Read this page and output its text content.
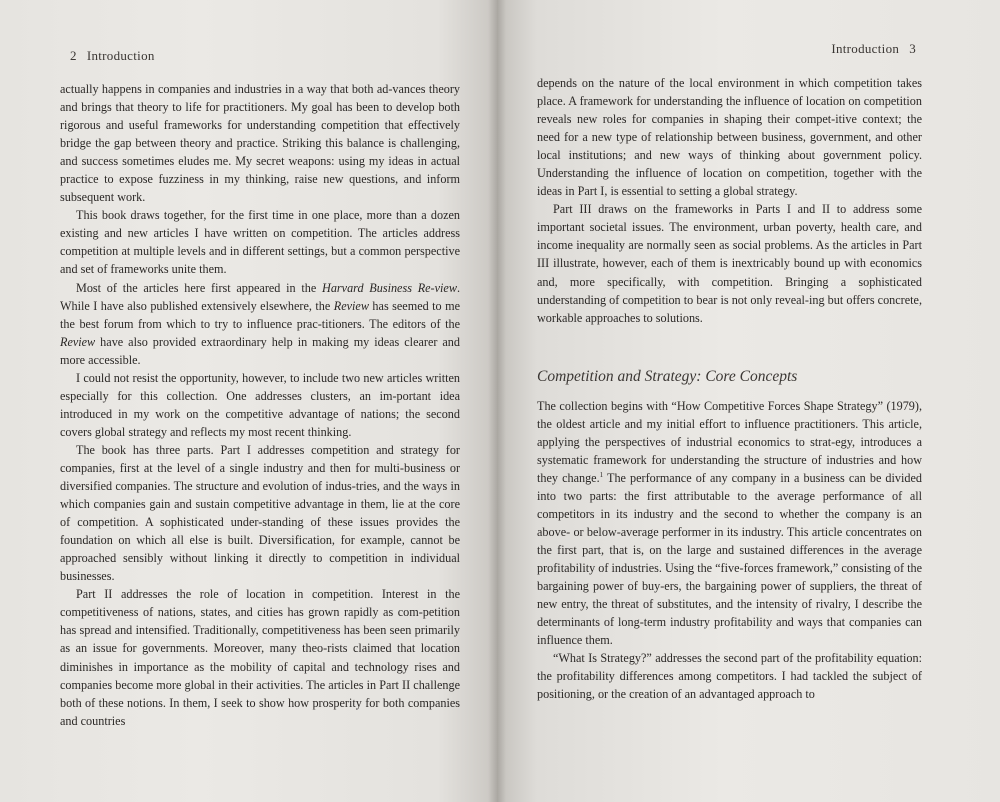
2 Introduction

actually happens in companies and industries in a way that both ad-vances theory and brings that theory to life for practitioners. My goal has been to develop both rigorous and useful frameworks for understanding competition that effectively bridge the gap between theory and practice. Striking this balance is challenging, and success sometimes eludes me. My secret weapons: using my ideas in actual practice to expose fuzziness in my thinking, raise new questions, and inform subsequent work.

This book draws together, for the first time in one place, more than a dozen existing and new articles I have written on competition. The articles address competition at multiple levels and in different settings, but a common perspective and set of frameworks unite them.

Most of the articles here first appeared in the Harvard Business Re-view. While I have also published extensively elsewhere, the Review has seemed to me the best forum from which to try to influence prac-titioners. The editors of the Review have also provided extraordinary help in making my ideas clearer and more accessible.

I could not resist the opportunity, however, to include two new articles written especially for this collection. One addresses clusters, an im-portant idea introduced in my work on the competitive advantage of nations; the second covers global strategy and reflects my most recent thinking.

The book has three parts. Part I addresses competition and strategy for companies, first at the level of a single industry and then for multi-business or diversified companies. The structure and evolution of indus-tries, and the ways in which companies gain and sustain competitive advantage in them, lie at the core of competition. A sophisticated under-standing of these issues provides the foundation on which all else is built. Diversification, for example, cannot be approached sensibly without linking it directly to competition in individual businesses.

Part II addresses the role of location in competition. Interest in the competitiveness of nations, states, and cities has grown rapidly as com-petition has spread and intensified. Traditionally, competitiveness has been seen primarily as an issue for governments. Moreover, many theo-rists claimed that location diminishes in importance as the mobility of capital and technology rises and companies become more global in their activities. The articles in Part II challenge both of these notions. In them, I seek to show how prosperity for both companies and countries

Introduction 3

depends on the nature of the local environment in which competition takes place. A framework for understanding the influence of location on competition reveals new roles for companies in shaping their compet-itive context; the need for a new type of relationship between business, government, and other local institutions; and new ways of thinking about government policy. Understanding the influence of location on competition, together with the ideas in Part I, is essential to setting a global strategy.

Part III draws on the frameworks in Parts I and II to address some important societal issues. The environment, urban poverty, health care, and income inequality are normally seen as social problems. As the articles in Part III illustrate, however, each of them is inextricably bound up with economics and, more specifically, with competition. Bringing a sophisticated understanding of competition to bear is not only reveal-ing but offers concrete, workable approaches to solutions.

Competition and Strategy: Core Concepts

The collection begins with “How Competitive Forces Shape Strategy” (1979), the oldest article and my initial effort to influence practitioners. This article, applying the perspectives of industrial economics to strat-egy, introduces a systematic framework for understanding the structure of industries and how they change.$^1$ The performance of any company in a business can be divided into two parts: the first attributable to the average performance of all competitors in its industry and the second to whether the company is an above- or below-average performer in its industry. This article concentrates on the first part, that is, on the large and sustained differences in the average profitability of industries. Using the “five-forces framework,” consisting of the bargaining power of buy-ers, the bargaining power of suppliers, the threat of new entry, the threat of substitutes, and the intensity of rivalry, I describe the determinants of long-term industry profitability and ways that companies can influence them.

“What Is Strategy?” addresses the second part of the profitability equation: the profitability differences among competitors. I had tackled the subject of positioning, or the creation of an advantaged approach to
